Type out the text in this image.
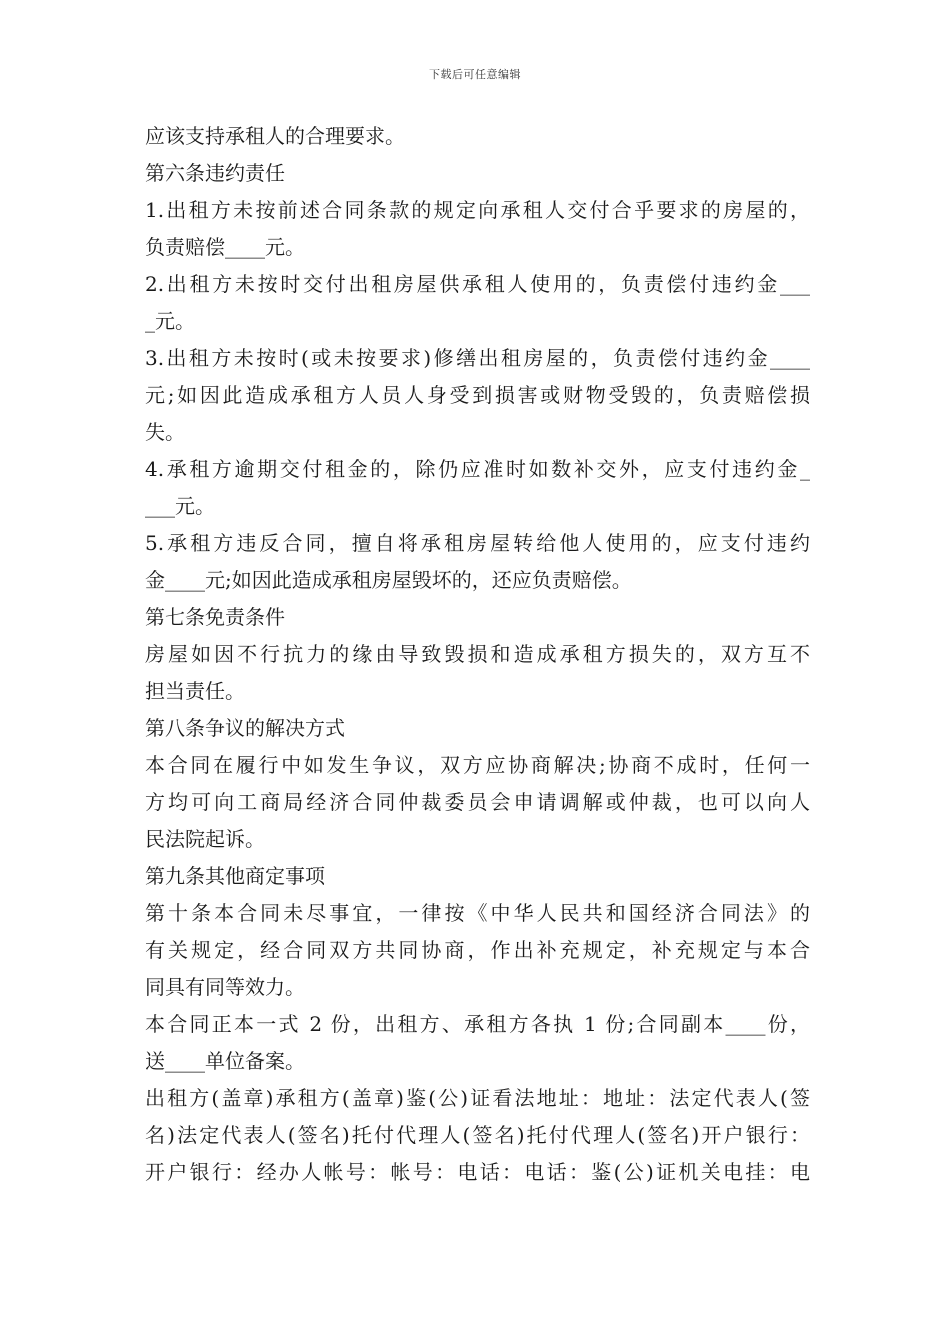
下载后可任意编辑
应该支持承租人的合理要求。
第六条违约责任
1.出租方未按前述合同条款的规定向承租人交付合乎要求的房屋的，
负责赔偿____元。
2.出租方未按时交付出租房屋供承租人使用的，负责偿付违约金___
_元。
3.出租方未按时(或未按要求)修缮出租房屋的，负责偿付违约金____
元;如因此造成承租方人员人身受到损害或财物受毁的，负责赔偿损
失。
4.承租方逾期交付租金的，除仍应准时如数补交外，应支付违约金_
___元。
5.承租方违反合同，擅自将承租房屋转给他人使用的，应支付违约
金____元;如因此造成承租房屋毁坏的，还应负责赔偿。
第七条免责条件
房屋如因不行抗力的缘由导致毁损和造成承租方损失的，双方互不
担当责任。
第八条争议的解决方式
本合同在履行中如发生争议，双方应协商解决;协商不成时，任何一
方均可向工商局经济合同仲裁委员会申请调解或仲裁，也可以向人
民法院起诉。
第九条其他商定事项
第十条本合同未尽事宜，一律按《中华人民共和国经济合同法》的
有关规定，经合同双方共同协商，作出补充规定，补充规定与本合
同具有同等效力。
本合同正本一式 2 份，出租方、承租方各执 1 份;合同副本____份，
送____单位备案。
出租方(盖章)承租方(盖章)鉴(公)证看法地址：地址：法定代表人(签
名)法定代表人(签名)托付代理人(签名)托付代理人(签名)开户银行：
开户银行：经办人帐号：帐号：电话：电话：鉴(公)证机关电挂：电
